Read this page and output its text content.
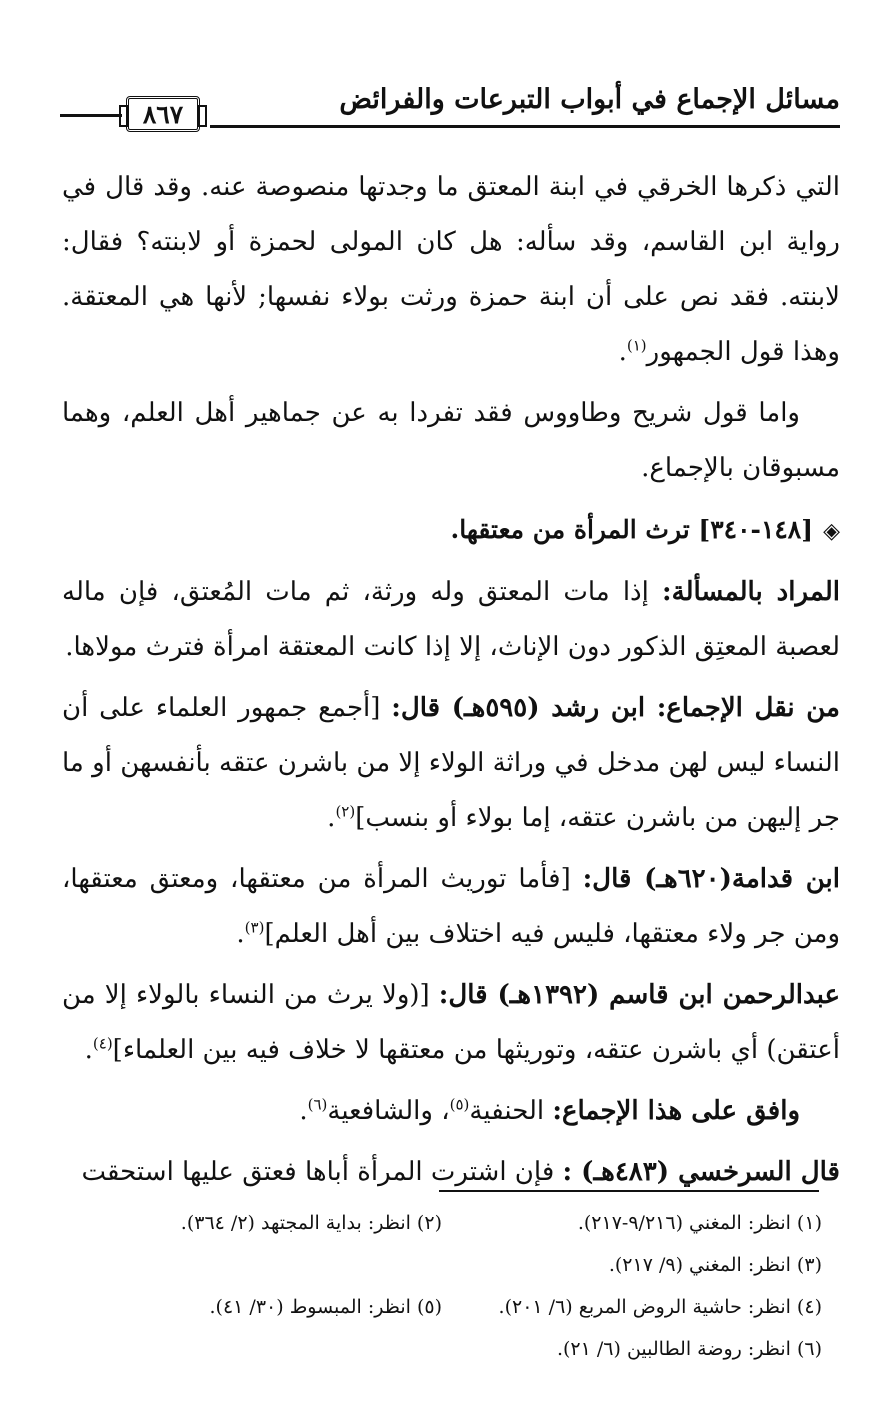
مسائل الإجماع في أبواب التبرعات والفرائض
٨٦٧

التي ذكرها الخرقي في ابنة المعتق ما وجدتها منصوصة عنه. وقد قال في رواية ابن القاسم، وقد سأله: هل كان المولى لحمزة أو لابنته؟ فقال: لابنته. فقد نص على أن ابنة حمزة ورثت بولاء نفسها; لأنها هي المعتقة. وهذا قول الجمهور$^{(١)}$.

واما قول شريح وطاووس فقد تفردا به عن جماهير أهل العلم، وهما مسبوقان بالإجماع.

◈[١٤٨-٣٤٠] ترث المرأة من معتقها.

المراد بالمسألة: إذا مات المعتق وله ورثة، ثم مات المُعتق، فإن ماله لعصبة المعتِق الذكور دون الإناث، إلا إذا كانت المعتقة امرأة فترث مولاها.

من نقل الإجماع: ابن رشد (٥٩٥هـ) قال: [أجمع جمهور العلماء على أن النساء ليس لهن مدخل في وراثة الولاء إلا من باشرن عتقه بأنفسهن أو ما جر إليهن من باشرن عتقه، إما بولاء أو بنسب]$^{(٢)}$.

ابن قدامة(٦٢٠هـ) قال: [فأما توريث المرأة من معتقها، ومعتق معتقها، ومن جر ولاء معتقها، فليس فيه اختلاف بين أهل العلم]$^{(٣)}$.

عبدالرحمن ابن قاسم (١٣٩٢هـ) قال: [(ولا يرث من النساء بالولاء إلا من أعتقن) أي باشرن عتقه، وتوريثها من معتقها لا خلاف فيه بين العلماء]$^{(٤)}$.

وافق على هذا الإجماع: الحنفية$^{(٥)}$، والشافعية$^{(٦)}$.

قال السرخسي (٤٨٣هـ) : فإن اشترت المرأة أباها فعتق عليها استحقت

(١) انظر: المغني (٩/٢١٦-٢١٧).
(٢) انظر: بداية المجتهد (٢/ ٣٦٤).
(٣) انظر: المغني (٩/ ٢١٧).
(٤) انظر: حاشية الروض المربع (٦/ ٢٠١).
(٥) انظر: المبسوط (٣٠/ ٤١).
(٦) انظر: روضة الطالبين (٦/ ٢١).
